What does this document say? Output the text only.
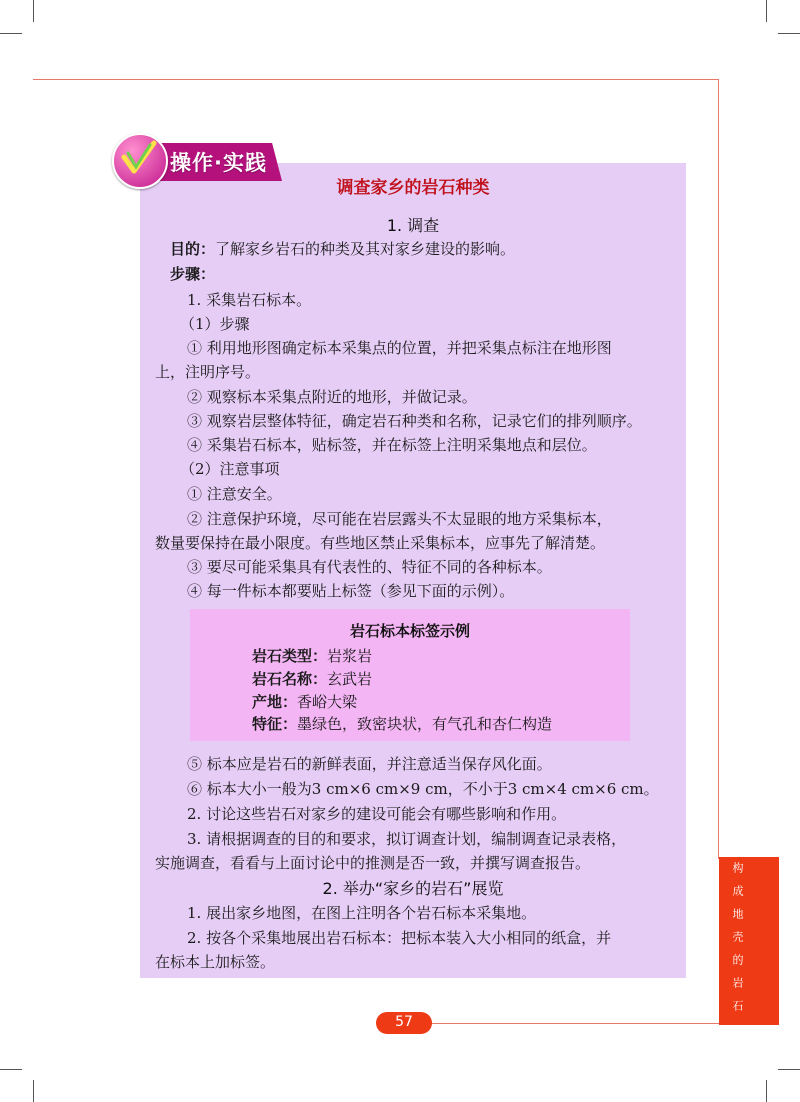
操作·实践
调查家乡的岩石种类
1. 调查
目的：了解家乡岩石的种类及其对家乡建设的影响。
步骤：
1. 采集岩石标本。
（1）步骤
① 利用地形图确定标本采集点的位置，并把采集点标注在地形图
上，注明序号。
② 观察标本采集点附近的地形，并做记录。
③ 观察岩层整体特征，确定岩石种类和名称，记录它们的排列顺序。
④ 采集岩石标本，贴标签，并在标签上注明采集地点和层位。
（2）注意事项
① 注意安全。
② 注意保护环境，尽可能在岩层露头不太显眼的地方采集标本，
数量要保持在最小限度。有些地区禁止采集标本，应事先了解清楚。
③ 要尽可能采集具有代表性的、特征不同的各种标本。
④ 每一件标本都要贴上标签（参见下面的示例）。
岩石标本标签示例
岩石类型：岩浆岩
岩石名称：玄武岩
产地：香峪大梁
特征：墨绿色，致密块状，有气孔和杏仁构造
⑤ 标本应是岩石的新鲜表面，并注意适当保存风化面。
⑥ 标本大小一般为3 cm×6 cm×9 cm，不小于3 cm×4 cm×6 cm。
2. 讨论这些岩石对家乡的建设可能会有哪些影响和作用。
3. 请根据调查的目的和要求，拟订调查计划，编制调查记录表格，
实施调查，看看与上面讨论中的推测是否一致，并撰写调查报告。
2. 举办“家乡的岩石”展览
1. 展出家乡地图，在图上注明各个岩石标本采集地。
2. 按各个采集地展出岩石标本：把标本装入大小相同的纸盒，并
在标本上加标签。	构成地壳的岩石
57
